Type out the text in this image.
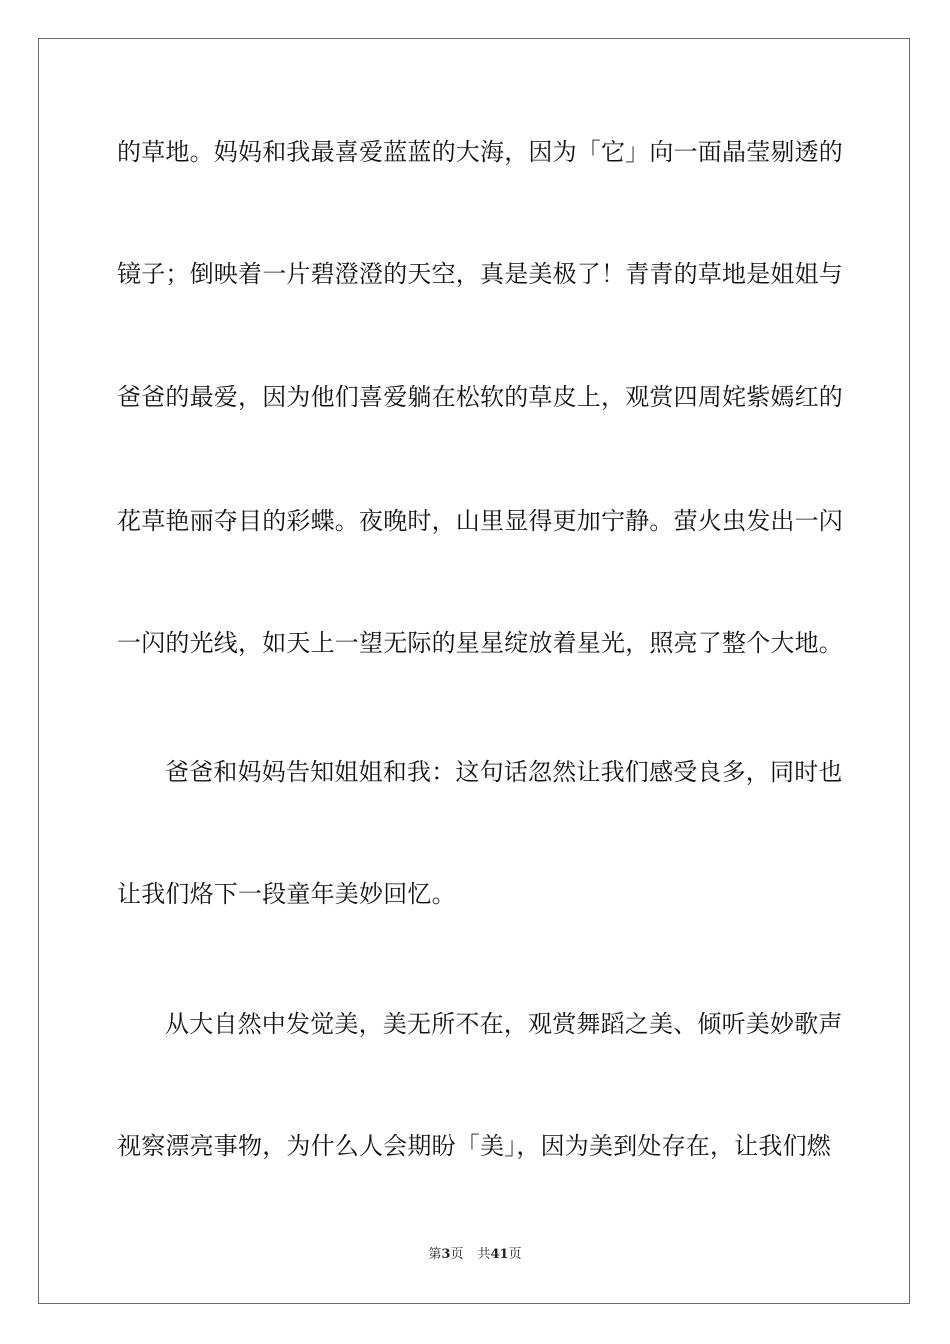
的草地。妈妈和我最喜爱蓝蓝的大海，因为「它」向一面晶莹剔透的
镜子；倒映着一片碧澄澄的天空，真是美极了！青青的草地是姐姐与
爸爸的最爱，因为他们喜爱躺在松软的草皮上，观赏四周姹紫嫣红的
花草艳丽夺目的彩蝶。夜晚时，山里显得更加宁静。萤火虫发出一闪
一闪的光线，如天上一望无际的星星绽放着星光，照亮了整个大地。
爸爸和妈妈告知姐姐和我：这句话忽然让我们感受良多，同时也
让我们烙下一段童年美妙回忆。
从大自然中发觉美，美无所不在，观赏舞蹈之美、倾听美妙歌声
视察漂亮事物，为什么人会期盼「美」，因为美到处存在，让我们燃
第3页 共41页
